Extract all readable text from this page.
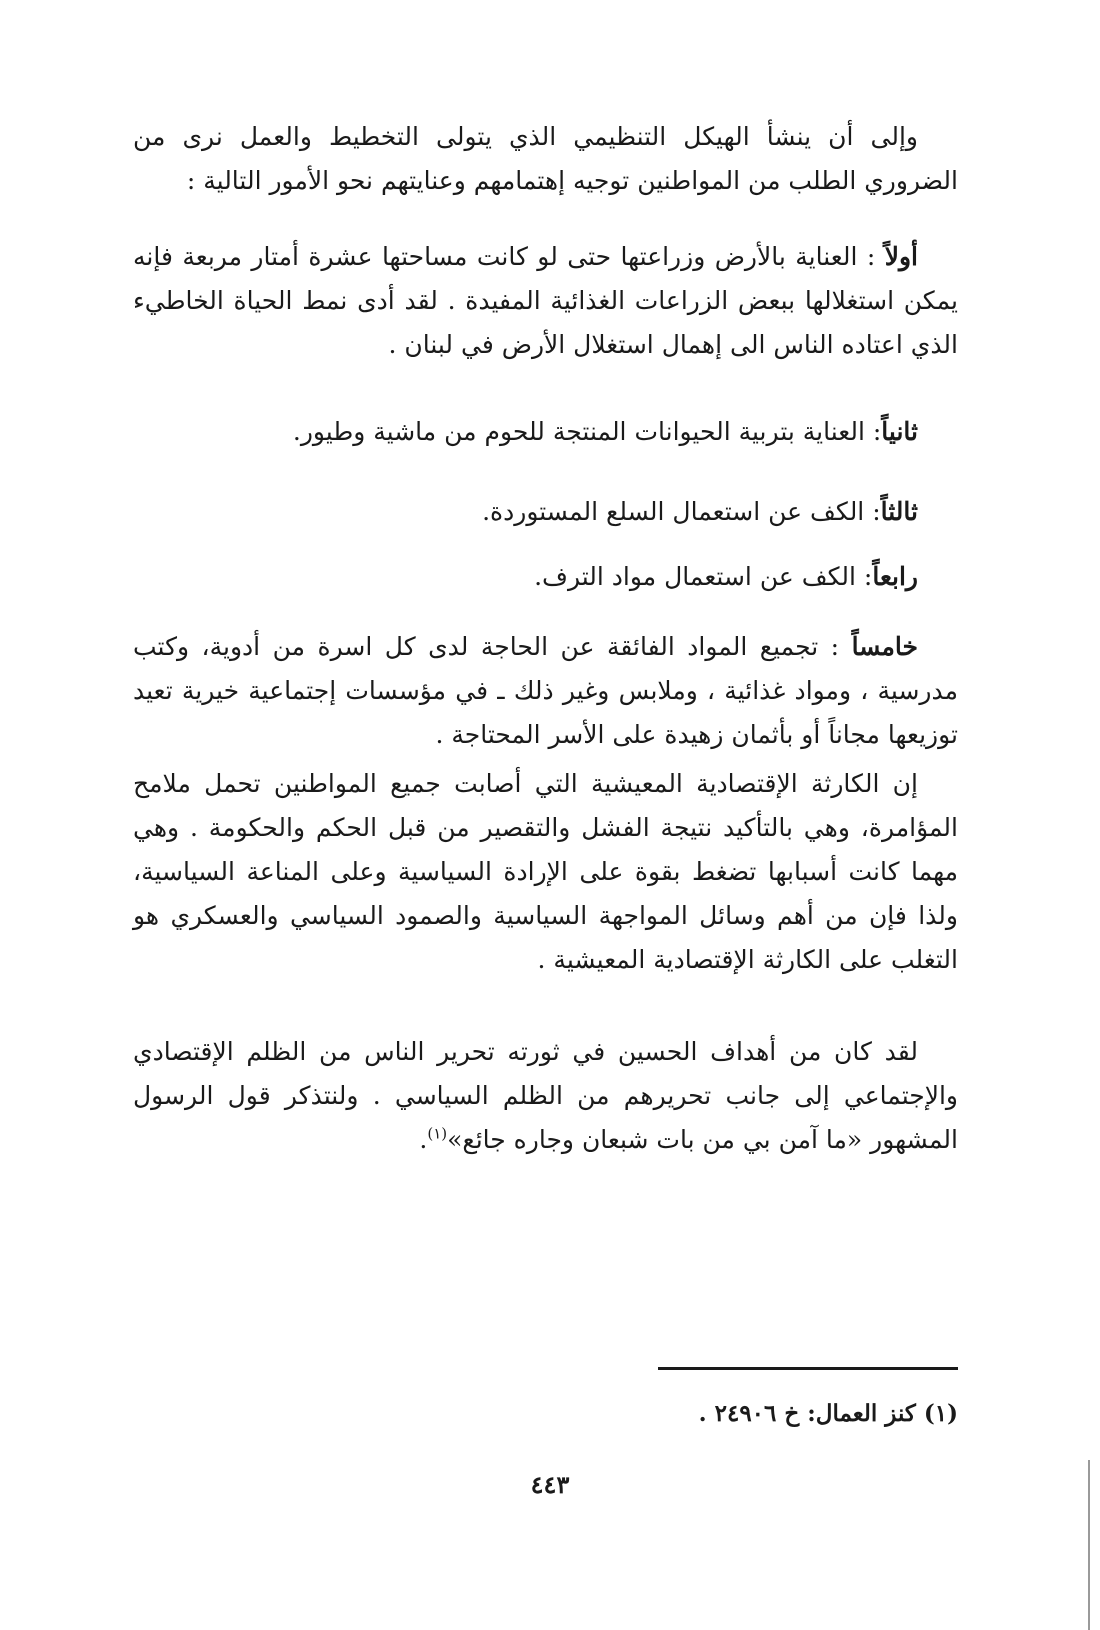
وإلى أن ينشأ الهيكل التنظيمي الذي يتولى التخطيط والعمل نرى من الضروري الطلب من المواطنين توجيه إهتمامهم وعنايتهم نحو الأمور التالية :

أولاً : العناية بالأرض وزراعتها حتى لو كانت مساحتها عشرة أمتار مربعة فإنه يمكن استغلالها ببعض الزراعات الغذائية المفيدة . لقد أدى نمط الحياة الخاطيء الذي اعتاده الناس الى إهمال استغلال الأرض في لبنان .

ثانياً: العناية بتربية الحيوانات المنتجة للحوم من ماشية وطيور.

ثالثاً: الكف عن استعمال السلع المستوردة.

رابعاً: الكف عن استعمال مواد الترف.

خامساً : تجميع المواد الفائقة عن الحاجة لدى كل اسرة من أدوية، وكتب مدرسية ، ومواد غذائية ، وملابس وغير ذلك ـ في مؤسسات إجتماعية خيرية تعيد توزيعها مجاناً أو بأثمان زهيدة على الأسر المحتاجة .

إن الكارثة الإقتصادية المعيشية التي أصابت جميع المواطنين تحمل ملامح المؤامرة، وهي بالتأكيد نتيجة الفشل والتقصير من قبل الحكم والحكومة . وهي مهما كانت أسبابها تضغط بقوة على الإرادة السياسية وعلى المناعة السياسية، ولذا فإن من أهم وسائل المواجهة السياسية والصمود السياسي والعسكري هو التغلب على الكارثة الإقتصادية المعيشية .

لقد كان من أهداف الحسين في ثورته تحرير الناس من الظلم الإقتصادي والإجتماعي إلى جانب تحريرهم من الظلم السياسي . ولنتذكر قول الرسول المشهور «ما آمن بي من بات شبعان وجاره جائع»$^{(١)}$.

(١) كنز العمال: خ ٢٤٩٠٦ .
٤٤٣
